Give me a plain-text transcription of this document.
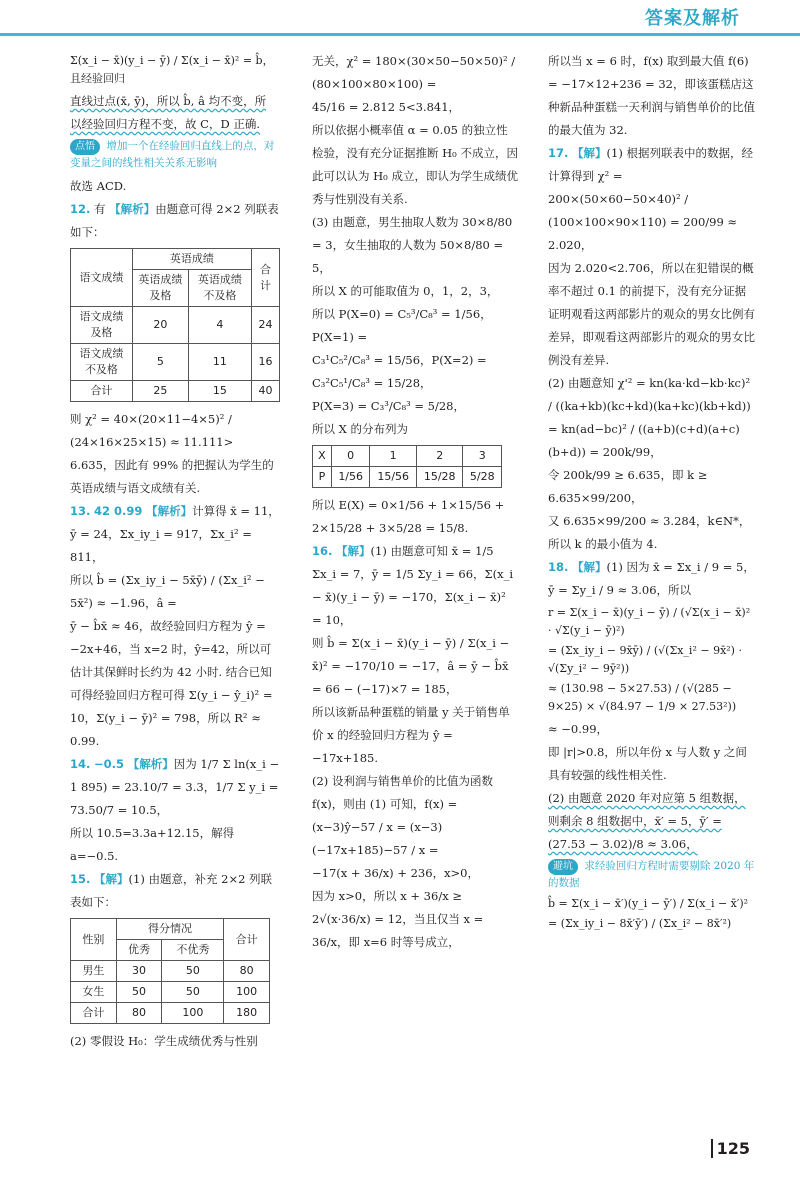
答案及解析

Σ(x_i − x̄)(y_i − ȳ) / Σ(x_i − x̄)² = b̂，且经验回归

直线过点(x̄, ȳ)，所以 b̂, â 均不变，所

以经验回归方程不变，故 C，D 正确.

点悟 增加一个在经验回归直线上的点，对变量之间的线性相关关系无影响

故选 ACD.

12. 有 【解析】由题意可得 2×2 列联表如下：

语文成绩	英语成绩		合计
	英语成绩及格	英语成绩不及格	
语文成绩及格	20	4	24
语文成绩不及格	5	11	16
合计	25	15	40

则 χ² = 40×(20×11−4×5)² / (24×16×25×15) ≈ 11.111>

6.635，因此有 99% 的把握认为学生的英语成绩与语文成绩有关.

13. 42 0.99 【解析】计算得 x̄ = 11，ȳ = 24，Σx_iy_i = 917，Σx_i² = 811，

所以 b̂ = (Σx_iy_i − 5x̄ȳ) / (Σx_i² − 5x̄²) ≈ −1.96，â =

ȳ − b̂x̄ ≈ 46，故经验回归方程为 ŷ = −2x+46，当 x=2 时，ŷ=42，所以可估计其保鲜时长约为 42 小时. 结合已知可得经验回归方程可得 Σ(y_i − ŷ_i)² =

10，Σ(y_i − ȳ)² = 798，所以 R² ≈ 0.99.

14. −0.5 【解析】因为 1/7 Σ ln(x_i − 1 895) = 23.10/7 = 3.3，1/7 Σ y_i =

73.50/7 = 10.5，

所以 10.5=3.3a+12.15，解得 a=−0.5.

15. 【解】(1) 由题意，补充 2×2 列联表如下：

性别	得分情况		合计
	优秀	不优秀	
男生	30	50	80
女生	50	50	100
合计	80	100	180

(2) 零假设 H₀：学生成绩优秀与性别

无关，χ² = 180×(30×50−50×50)² / (80×100×80×100) =

45/16 = 2.812 5<3.841，

所以依据小概率值 α = 0.05 的独立性检验，没有充分证据推断 H₀ 不成立，因此可以认为 H₀ 成立，即认为学生成绩优秀与性别没有关系.

(3) 由题意，男生抽取人数为 30×8/80 = 3，女生抽取的人数为 50×8/80 = 5，

所以 X 的可能取值为 0，1，2，3，

所以 P(X=0) = C₅³/C₈³ = 1/56，P(X=1) =

C₃¹C₅²/C₈³ = 15/56，P(X=2) = C₃²C₅¹/C₈³ = 15/28，

P(X=3) = C₃³/C₈³ = 5/28，

所以 X 的分布列为

X	0	1	2	3
P	1/56	15/56	15/28	5/28

所以 E(X) = 0×1/56 + 1×15/56 + 2×15/28 + 3×5/28 = 15/8.

16. 【解】(1) 由题意可知 x̄ = 1/5 Σx_i = 7，ȳ = 1/5 Σy_i = 66，Σ(x_i − x̄)(y_i − ȳ) = −170，Σ(x_i − x̄)² = 10，

则 b̂ = Σ(x_i − x̄)(y_i − ȳ) / Σ(x_i − x̄)² = −170/10 = −17，â = ȳ − b̂x̄ = 66 − (−17)×7 = 185，

所以该新品种蛋糕的销量 y 关于销售单价 x 的经验回归方程为 ŷ = −17x+185.

(2) 设利润与销售单价的比值为函数 f(x)，则由 (1) 可知，f(x) = (x−3)ŷ−57 / x = (x−3)(−17x+185)−57 / x =

−17(x + 36/x) + 236，x>0，

因为 x>0，所以 x + 36/x ≥ 2√(x·36/x) = 12，当且仅当 x = 36/x，即 x=6 时等号成立，

所以当 x = 6 时，f(x) 取到最大值 f(6) = −17×12+236 = 32，即该蛋糕店这种新品种蛋糕一天利润与销售单价的比值的最大值为 32.

17. 【解】(1) 根据列联表中的数据，经计算得到 χ² = 200×(50×60−50×40)² / (100×100×90×110) = 200/99 ≈ 2.020，

因为 2.020<2.706，所以在犯错误的概率不超过 0.1 的前提下，没有充分证据证明观看这两部影片的观众的男女比例有差异，即观看这两部影片的观众的男女比例没有差异.

(2) 由题意知 χ'² = kn(ka·kd−kb·kc)² / ((ka+kb)(kc+kd)(ka+kc)(kb+kd)) = kn(ad−bc)² / ((a+b)(c+d)(a+c)(b+d)) = 200k/99，

令 200k/99 ≥ 6.635，即 k ≥ 6.635×99/200，

又 6.635×99/200 ≈ 3.284，k∈N*，所以 k 的最小值为 4.

18. 【解】(1) 因为 x̄ = Σx_i / 9 = 5，ȳ = Σy_i / 9 ≈ 3.06，所以

r = Σ(x_i − x̄)(y_i − ȳ) / (√Σ(x_i − x̄)² · √Σ(y_i − ȳ)²)

= (Σx_iy_i − 9x̄ȳ) / (√(Σx_i² − 9x̄²) · √(Σy_i² − 9ȳ²))

≈ (130.98 − 5×27.53) / (√(285 − 9×25) × √(84.97 − 1/9 × 27.53²))

≈ −0.99，

即 |r|>0.8，所以年份 x 与人数 y 之间具有较强的线性相关性.

(2) 由题意 2020 年对应第 5 组数据，则剩余 8 组数据中，x̄′ = 5，ȳ′ = (27.53 − 3.02)/8 ≈ 3.06，

避坑 求经验回归方程时需要剔除 2020 年的数据

b̂ = Σ(x_i − x̄′)(y_i − ȳ′) / Σ(x_i − x̄′)²

= (Σx_iy_i − 8x̄′ȳ′) / (Σx_i² − 8x̄′²)

125
